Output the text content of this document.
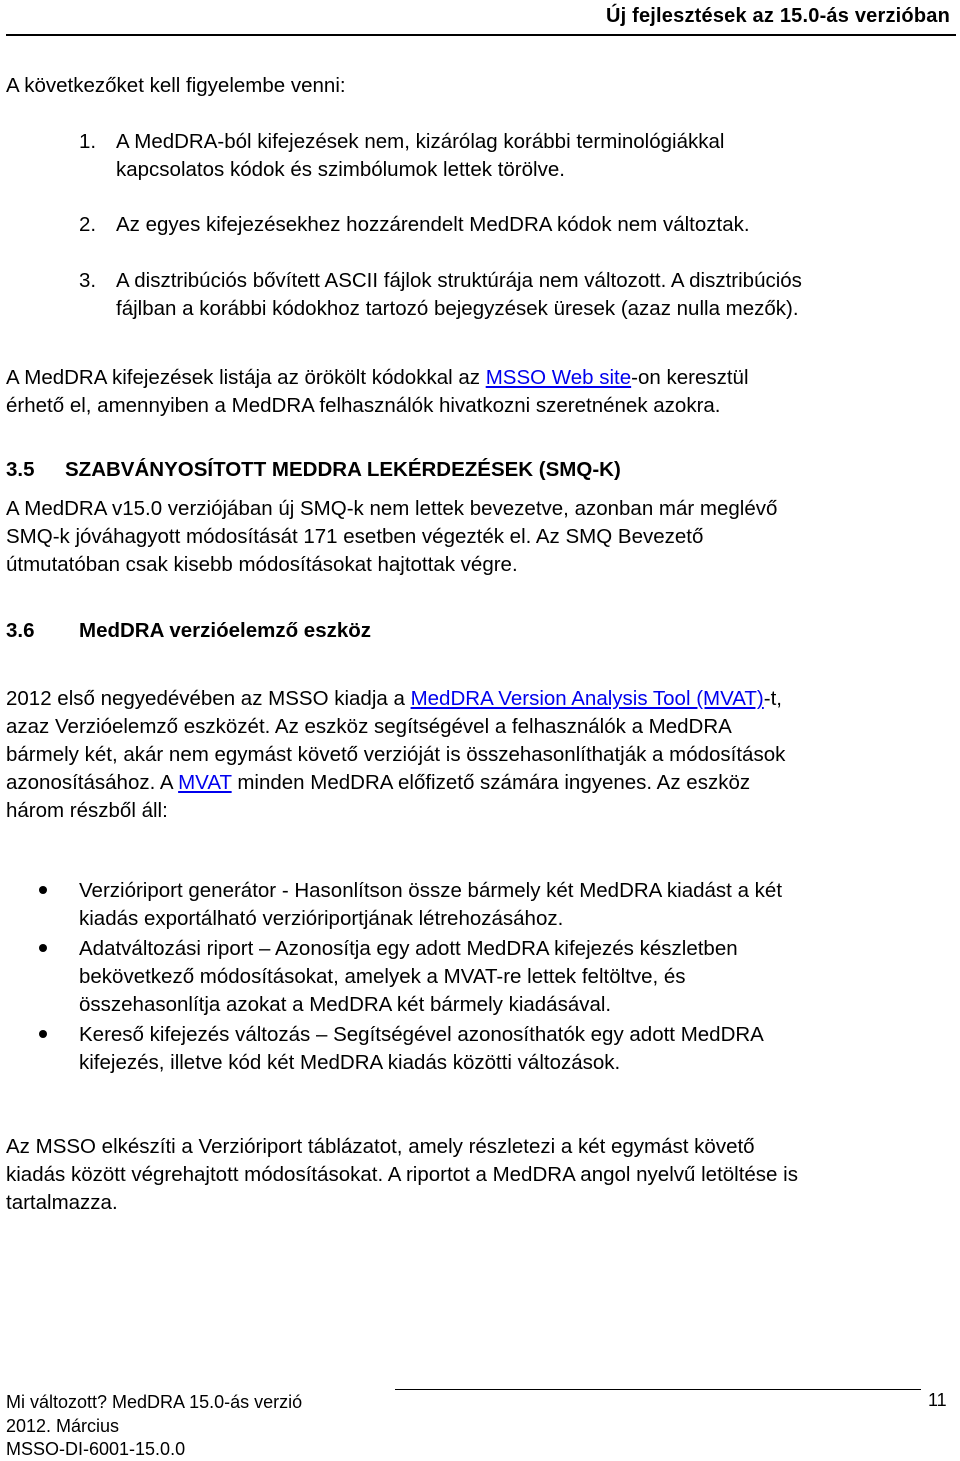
Új fejlesztések az 15.0-ás verzióban
A következőket kell figyelembe venni:
1. A MedDRA-ból kifejezések nem, kizárólag korábbi terminológiákkal
kapcsolatos kódok és szimbólumok lettek törölve.
2. Az egyes kifejezésekhez hozzárendelt MedDRA kódok nem változtak.
3. A disztribúciós bővített ASCII fájlok struktúrája nem változott. A disztribúciós
fájlban a korábbi kódokhoz tartozó bejegyzések üresek (azaz nulla mezők).
A MedDRA kifejezések listája az örökölt kódokkal az MSSO Web site-on keresztül
érhető el, amennyiben a MedDRA felhasználók hivatkozni szeretnének azokra.
3.5 SZABVÁNYOSÍTOTT MEDDRA LEKÉRDEZÉSEK (SMQ-K)
A MedDRA v15.0 verziójában új SMQ-k nem lettek bevezetve, azonban már meglévő
SMQ-k jóváhagyott módosítását 171 esetben végezték el. Az SMQ Bevezető
útmutatóban csak kisebb módosításokat hajtottak végre.
3.6 MedDRA verzióelemző eszköz
2012 első negyedévében az MSSO kiadja a MedDRA Version Analysis Tool (MVAT)-t,
azaz Verzióelemző eszközét. Az eszköz segítségével a felhasználók a MedDRA
bármely két, akár nem egymást követő verzióját is összehasonlíthatják a módosítások
azonosításához. A MVAT minden MedDRA előfizető számára ingyenes. Az eszköz
három részből áll:
Verzióriport generátor - Hasonlítson össze bármely két MedDRA kiadást a két
kiadás exportálható verzióriportjának létrehozásához.
Adatváltozási riport – Azonosítja egy adott MedDRA kifejezés készletben
bekövetkező módosításokat, amelyek a MVAT-re lettek feltöltve, és
összehasonlítja azokat a MedDRA két bármely kiadásával.
Kereső kifejezés változás – Segítségével azonosíthatók egy adott MedDRA
kifejezés, illetve kód két MedDRA kiadás közötti változások.
Az MSSO elkészíti a Verzióriport táblázatot, amely részletezi a két egymást követő
kiadás között végrehajtott módosításokat. A riportot a MedDRA angol nyelvű letöltése is
tartalmazza.
Mi változott? MedDRA 15.0-ás verzió
2012. Március
MSSO-DI-6001-15.0.0
11
